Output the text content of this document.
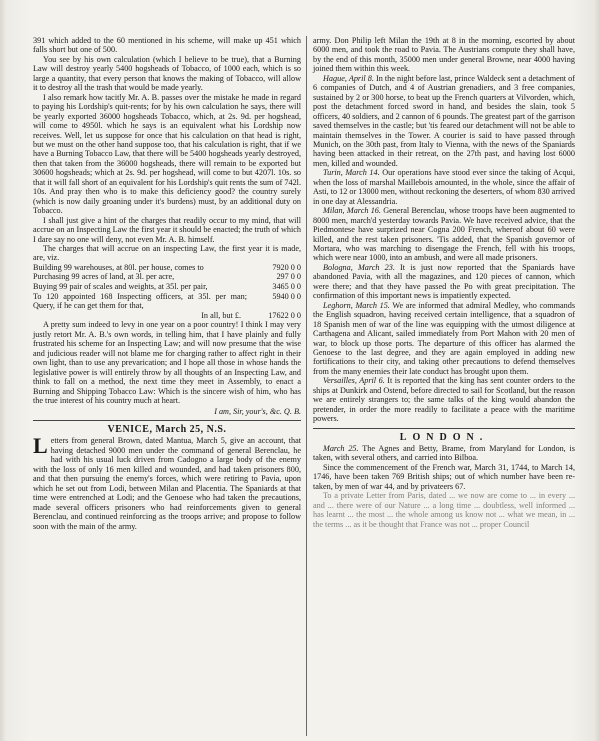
391 which added to the 60 mentioned in his scheme, will make up 451 which falls short but one of 500.

You see by his own calculation (which I believe to be true), that a Burning Law will destroy yearly 5400 hogsheads of Tobacco, of 1000 each, which is so large a quantity, that every person that knows the making of Tobacco, will allow it to destroy all the trash that would be made yearly.

I also remark how tacitly Mr. A. B. passes over the mistake he made in regard to paying his Lordship's quit-rents; for by his own calculation he says, there will be yearly exported 36000 hogsheads Tobacco, which, at 2s. 9d. per hogshead, will come to 4950l. which he says is an equivalent what his Lordship now receives. Well, let us suppose for once that his calculation on that head is right, but we must on the other hand suppose too, that his calculation is right, that if we have a Burning Tobacco Law, that there will be 5400 hogsheads yearly destroyed, then that taken from the 36000 hogsheads, there will remain to be exported but 30600 hogsheads; which at 2s. 9d. per hogshead, will come to but 4207l. 10s. so that it will fall short of an equivalent for his Lordship's quit rents the sum of 742l. 10s. And pray then who is to make this deficiency good? the country surely (which is now daily groaning under it's burdens) must, by an additional duty on Tobacco.

I shall just give a hint of the charges that readily occur to my mind, that will accrue on an Inspecting Law the first year it should be enacted; the truth of which I dare say no one will deny, not even Mr. A. B. himself.

The charges that will accrue on an inspecting Law, the first year it is made, are, viz.

Building 99 warehouses, at 80l. per house, comes to	7920 0 0
Purchasing 99 acres of land, at 3l. per acre,	297 0 0
Buying 99 pair of scales and weights, at 35l. per pair,	3465 0 0
To 120 appointed 168 Inspecting officers, at 35l. per man; Query, if he can get them for that,	5940 0 0
In all, but £.	17622 0 0

A pretty sum indeed to levy in one year on a poor country! I think I may very justly retort Mr. A. B.'s own words, in telling him, that I have plainly and fully frustrated his scheme for an Inspecting Law; and will now presume that the wise and judicious reader will not blame me for charging rather to affect right in their own light, than to use any prevarication; and I hope all those in whose hands the legislative power is will entirely throw by all thoughts of an Inspecting Law, and think to fall on a method, the next time they meet in Assembly, to enact a Burning and Shipping Tobacco Law: Which is the sincere wish of him, who has the true interest of his country much at heart.

I am, Sir, your's, &c. Q. B.
VENICE, March 25, N.S.

Letters from general Brown, dated Mantua, March 5, give an account, that having detached 9000 men under the command of general Berenclau, he had with his usual luck driven from Cadogno a large body of the enemy with the loss of only 16 men killed and wounded, and had taken prisoners 800, and that then pursuing the enemy's forces, which were retiring to Pavia, upon which he set out from Lodi, between Milan and Placentia. The Spaniards at that time were entrenched at Lodi; and the Genoese who had taken the precautions, made several officers prisoners who had reinforcements given to general Berenclau, and continued reinforcing as the troops arrive; and propose to follow soon with the main of the army.

army. Don Philip left Milan the 19th at 8 in the morning, escorted by about 6000 men, and took the road to Pavia. The Austrians compute they shall have, by the end of this month, 35000 men under general Browne, near 4000 having joined them within this week.

Hague, April 8. In the night before last, prince Waldeck sent a detachment of 6 companies of Dutch, and 4 of Austrian grenadiers, and 3 free companies, sustained by 2 or 300 horse, to beat up the French quarters at Vilvorden, which, post the detachment forced sword in hand, and besides the slain, took 5 officers, 40 soldiers, and 2 cannon of 6 pounds. The greatest part of the garrison saved themselves in the castle; but 'tis feared our detachment will not be able to maintain themselves in the Tower. A courier is said to have passed through Munich, on the 30th past, from Italy to Vienna, with the news of the Spaniards having been attacked in their retreat, on the 27th past, and having lost 6000 men, killed and wounded.

Turin, March 14. Our operations have stood ever since the taking of Acqui, when the loss of marshal Maillebois amounted, in the whole, since the affair of Asti, to 12 or 13000 men, without reckoning the deserters, of whom 830 arrived in one day at Alessandria.

Milan, March 16. General Berenclau, whose troops have been augmented to 8000 men, march'd yesterday towards Pavia. We have received advice, that the Piedmontese have surprized near Cogna 200 French, whereof about 60 were killed, and the rest taken prisoners. 'Tis added, that the Spanish governor of Mortara, who was marching to disengage the French, fell with his troops, which were near 1000, into an ambush, and were all made prisoners.

Bologna, March 23. It is just now reported that the Spaniards have abandoned Pavia, with all the magazines, and 120 pieces of cannon, which were there; and that they have passed the Po with great precipitation. The confirmation of this important news is impatiently expected.

Leghorn, March 15. We are informed that admiral Medley, who commands the English squadron, having received certain intelligence, that a squadron of 18 Spanish men of war of the line was equipping with the utmost diligence at Carthagena and Alicant, sailed immediately from Port Mahon with 20 men of war, to block up those ports. The departure of this officer has alarmed the Genoese to the last degree, and they are again employed in adding new fortifications to their city, and taking other precautions to defend themselves from the many enemies their late conduct has brought upon them.

Versailles, April 6. It is reported that the king has sent counter orders to the ships at Dunkirk and Ostend, before directed to sail for Scotland, but the reason we are entirely strangers to; the same talks of the king would abandon the pretender, in order the more readily to facilitate a peace with the maritime powers.

LONDON.

March 25. The Agnes and Betty, Brame, from Maryland for London, is taken, with several others, and carried into Bilboa.

Since the commencement of the French war, March 31, 1744, to March 14, 1746, have been taken 769 British ships; out of which number have been re-taken, by men of war 44, and by privateers 67.

To a private Letter from Paris, dated ... we now are come to ... in every ... and ... there were of our Nature ... a long time ... doubtless, well informed ... has learnt ... the most ... the whole among us know not ... what we mean, in ... the terms ... as it be thought that France was not ... proper Council
